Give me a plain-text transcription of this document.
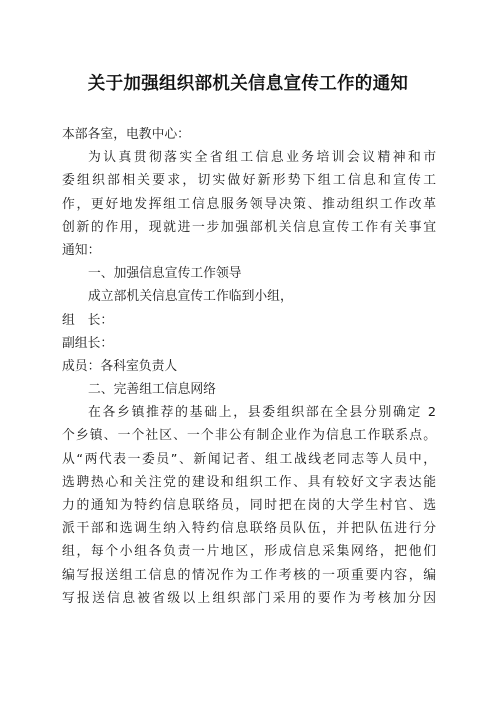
关于加强组织部机关信息宣传工作的通知
本部各室，电教中心：
为认真贯彻落实全省组工信息业务培训会议精神和市
委组织部相关要求，切实做好新形势下组工信息和宣传工
作，更好地发挥组工信息服务领导决策、推动组织工作改革
创新的作用，现就进一步加强部机关信息宣传工作有关事宜
通知：
一、加强信息宣传工作领导
成立部机关信息宣传工作临到小组，
组　长：
副组长：
成员：各科室负责人
二、完善组工信息网络
在各乡镇推荐的基础上，县委组织部在全县分别确定 2
个乡镇、一个社区、一个非公有制企业作为信息工作联系点。
从“两代表一委员”、新闻记者、组工战线老同志等人员中，
选聘热心和关注党的建设和组织工作、具有较好文字表达能
力的通知为特约信息联络员，同时把在岗的大学生村官、选
派干部和选调生纳入特约信息联络员队伍，并把队伍进行分
组，每个小组各负责一片地区，形成信息采集网络，把他们
编写报送组工信息的情况作为工作考核的一项重要内容，编
写报送信息被省级以上组织部门采用的要作为考核加分因
